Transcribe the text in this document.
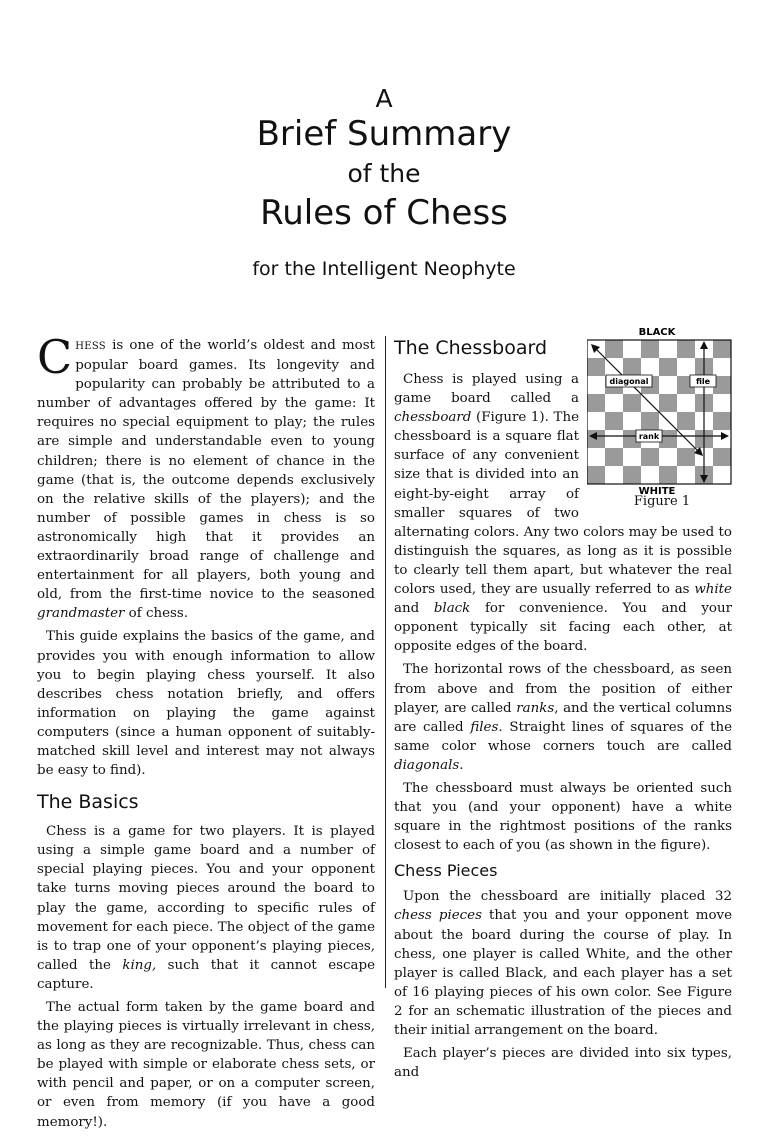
A
Brief Summary
of the
Rules of Chess
for the Intelligent Neophyte

CHESS is one of the world’s oldest and most popular board games. Its longevity and popularity can probably be attributed to a number of advantages offered by the game: It requires no special equipment to play; the rules are simple and understandable even to young children; there is no element of chance in the game (that is, the outcome depends exclusively on the relative skills of the players); and the number of possible games in chess is so astronomically high that it provides an extraordinarily broad range of challenge and entertainment for all players, both young and old, from the first-time novice to the seasoned grandmaster of chess.

This guide explains the basics of the game, and provides you with enough information to allow you to begin playing chess yourself. It also describes chess notation briefly, and offers information on playing the game against computers (since a human opponent of suitably-matched skill level and interest may not always be easy to find).

The Basics

Chess is a game for two players. It is played using a simple game board and a number of special playing pieces. You and your opponent take turns moving pieces around the board to play the game, according to specific rules of movement for each piece. The object of the game is to trap one of your opponent’s playing pieces, called the king, such that it cannot escape capture.

The actual form taken by the game board and the playing pieces is virtually irrelevant in chess, as long as they are recognizable. Thus, chess can be played with simple or elaborate chess sets, or with pencil and paper, or on a computer screen, or even from memory (if you have a good memory!).

BLACK
diagonal	file
rank
WHITE
Figure 1
The Chessboard

Chess is played using a game board called a chessboard (Figure 1). The chessboard is a square flat surface of any convenient size that is divided into an eight-by-eight array of smaller squares of two alternating colors. Any two colors may be used to distinguish the squares, as long as it is possible to clearly tell them apart, but whatever the real colors used, they are usually referred to as white and black for convenience. You and your opponent typically sit facing each other, at opposite edges of the board.

The horizontal rows of the chessboard, as seen from above and from the position of either player, are called ranks, and the vertical columns are called files. Straight lines of squares of the same color whose corners touch are called diagonals.

The chessboard must always be oriented such that you (and your opponent) have a white square in the rightmost positions of the ranks closest to each of you (as shown in the figure).

Chess Pieces

Upon the chessboard are initially placed 32 chess pieces that you and your opponent move about the board during the course of play. In chess, one player is called White, and the other player is called Black, and each player has a set of 16 playing pieces of his own color. See Figure 2 for an schematic illustration of the pieces and their initial arrangement on the board.

Each player’s pieces are divided into six types, and
